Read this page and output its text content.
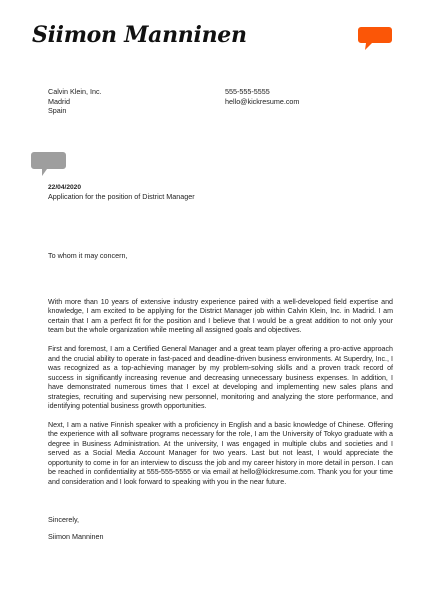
Siimon Manninen
Calvin Klein, Inc.
Madrid
Spain
555-555-5555
hello@kickresume.com
22/04/2020
Application for the position of District Manager
To whom it may concern,

With more than 10 years of extensive industry experience paired with a well-developed field expertise and knowledge, I am excited to be applying for the District Manager job within Calvin Klein, Inc. in Madrid. I am certain that I am a perfect fit for the position and I believe that I would be a great addition to not only your team but the whole organization while meeting all assigned goals and objectives.

First and foremost, I am a Certified General Manager and a great team player offering a pro-active approach and the crucial ability to operate in fast-paced and deadline-driven business environments. At Superdry, Inc., I was recognized as a top-achieving manager by my problem-solving skills and a proven track record of success in significantly increasing revenue and decreasing unnecessary business expenses. In addition, I have demonstrated numerous times that I excel at developing and implementing new sales plans and strategies, recruiting and supervising new personnel, monitoring and analyzing the store performance, and identifying potential business growth opportunities.

Next, I am a native Finnish speaker with a proficiency in English and a basic knowledge of Chinese. Offering the experience with all software programs necessary for the role, I am the University of Tokyo graduate with a degree in Business Administration. At the university, I was engaged in multiple clubs and societies and I served as a Social Media Account Manager for two years. Last but not least, I would appreciate the opportunity to come in for an interview to discuss the job and my career history in more detail in person. I can be reached in confidentiality at 555-555-5555 or via email at hello@kickresume.com. Thank you for your time and consideration and I look forward to speaking with you in the near future.

Sincerely,
Siimon Manninen
